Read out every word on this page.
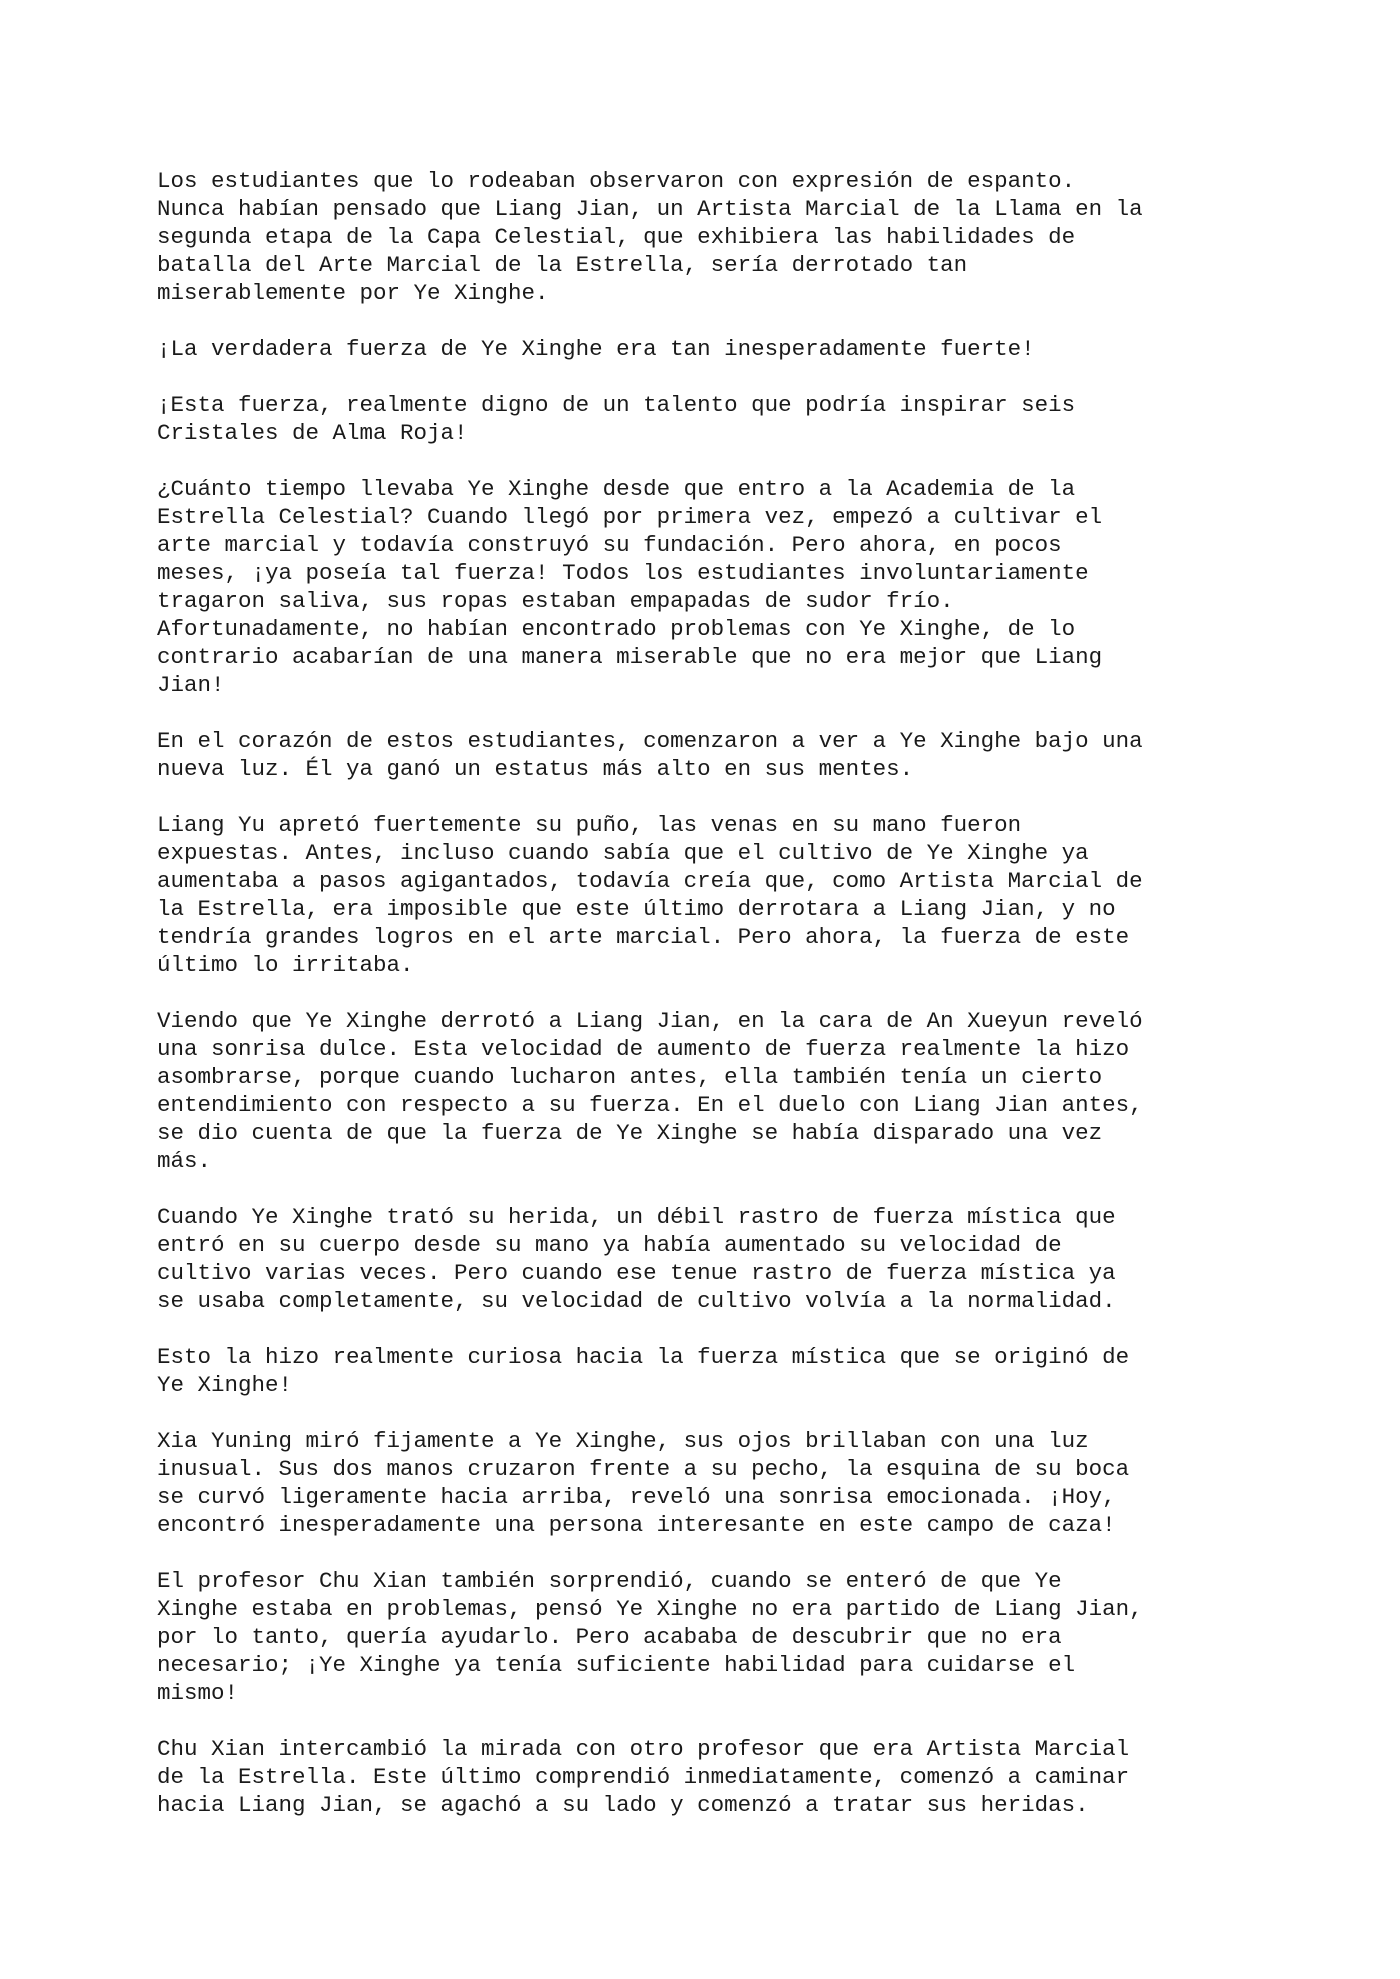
Los estudiantes que lo rodeaban observaron con expresión de espanto.
Nunca habían pensado que Liang Jian, un Artista Marcial de la Llama en la
segunda etapa de la Capa Celestial, que exhibiera las habilidades de
batalla del Arte Marcial de la Estrella, sería derrotado tan
miserablemente por Ye Xinghe.

¡La verdadera fuerza de Ye Xinghe era tan inesperadamente fuerte!

¡Esta fuerza, realmente digno de un talento que podría inspirar seis
Cristales de Alma Roja!

¿Cuánto tiempo llevaba Ye Xinghe desde que entro a la Academia de la
Estrella Celestial? Cuando llegó por primera vez, empezó a cultivar el
arte marcial y todavía construyó su fundación. Pero ahora, en pocos
meses, ¡ya poseía tal fuerza! Todos los estudiantes involuntariamente
tragaron saliva, sus ropas estaban empapadas de sudor frío.
Afortunadamente, no habían encontrado problemas con Ye Xinghe, de lo
contrario acabarían de una manera miserable que no era mejor que Liang
Jian!

En el corazón de estos estudiantes, comenzaron a ver a Ye Xinghe bajo una
nueva luz. Él ya ganó un estatus más alto en sus mentes.

Liang Yu apretó fuertemente su puño, las venas en su mano fueron
expuestas. Antes, incluso cuando sabía que el cultivo de Ye Xinghe ya
aumentaba a pasos agigantados, todavía creía que, como Artista Marcial de
la Estrella, era imposible que este último derrotara a Liang Jian, y no
tendría grandes logros en el arte marcial. Pero ahora, la fuerza de este
último lo irritaba.

Viendo que Ye Xinghe derrotó a Liang Jian, en la cara de An Xueyun reveló
una sonrisa dulce. Esta velocidad de aumento de fuerza realmente la hizo
asombrarse, porque cuando lucharon antes, ella también tenía un cierto
entendimiento con respecto a su fuerza. En el duelo con Liang Jian antes,
se dio cuenta de que la fuerza de Ye Xinghe se había disparado una vez
más.

Cuando Ye Xinghe trató su herida, un débil rastro de fuerza mística que
entró en su cuerpo desde su mano ya había aumentado su velocidad de
cultivo varias veces. Pero cuando ese tenue rastro de fuerza mística ya
se usaba completamente, su velocidad de cultivo volvía a la normalidad.

Esto la hizo realmente curiosa hacia la fuerza mística que se originó de
Ye Xinghe!

Xia Yuning miró fijamente a Ye Xinghe, sus ojos brillaban con una luz
inusual. Sus dos manos cruzaron frente a su pecho, la esquina de su boca
se curvó ligeramente hacia arriba, reveló una sonrisa emocionada. ¡Hoy,
encontró inesperadamente una persona interesante en este campo de caza!

El profesor Chu Xian también sorprendió, cuando se enteró de que Ye
Xinghe estaba en problemas, pensó Ye Xinghe no era partido de Liang Jian,
por lo tanto, quería ayudarlo. Pero acababa de descubrir que no era
necesario; ¡Ye Xinghe ya tenía suficiente habilidad para cuidarse el
mismo!

Chu Xian intercambió la mirada con otro profesor que era Artista Marcial
de la Estrella. Este último comprendió inmediatamente, comenzó a caminar
hacia Liang Jian, se agachó a su lado y comenzó a tratar sus heridas.
